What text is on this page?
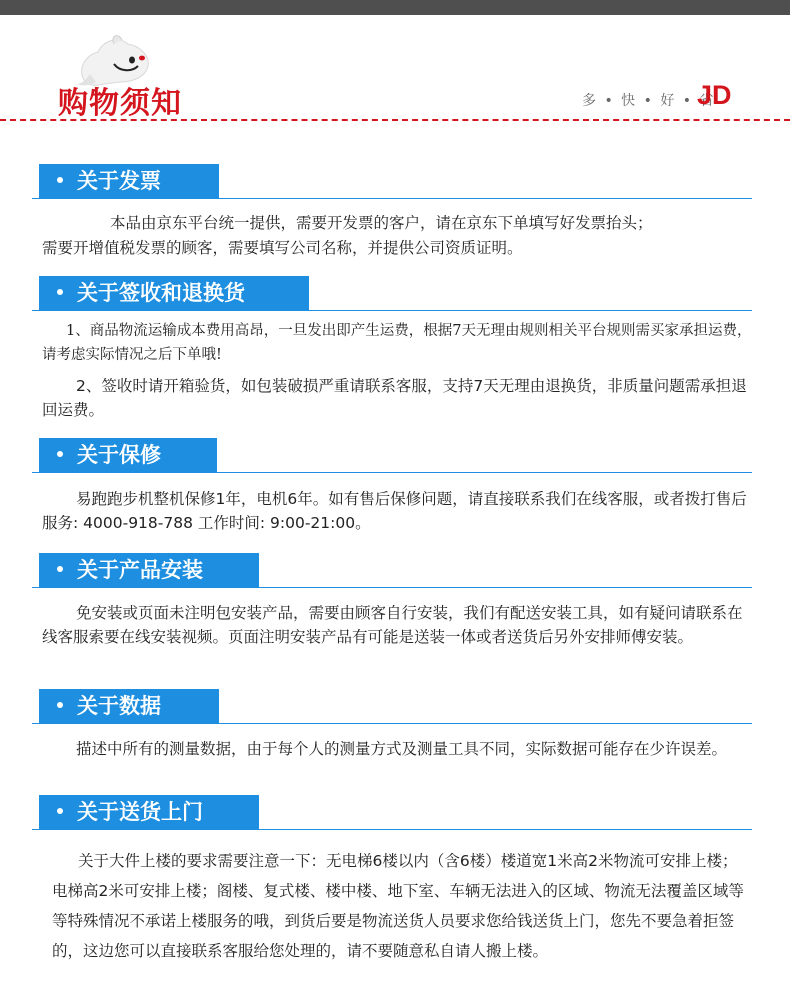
购物须知	多 • 快 • 好 • 省
JD
关于发票

本品由京东平台统一提供，需要开发票的客户，请在京东下单填写好发票抬头；

需要开增值税发票的顾客，需要填写公司名称，并提供公司资质证明。

关于签收和退换货

1、商品物流运输成本费用高昂，一旦发出即产生运费，根据7天无理由规则相关平台规则需买家承担运费，请考虑实际情况之后下单哦!

2、签收时请开箱验货，如包装破损严重请联系客服，支持7天无理由退换货，非质量问题需承担退回运费。

关于保修

易跑跑步机整机保修1年，电机6年。如有售后保修问题，请直接联系我们在线客服，或者拨打售后服务: 4000-918-788 工作时间: 9:00-21:00。

关于产品安装

免安装或页面未注明包安装产品，需要由顾客自行安装，我们有配送安装工具，如有疑问请联系在线客服索要在线安装视频。页面注明安装产品有可能是送装一体或者送货后另外安排师傅安装。

关于数据

描述中所有的测量数据，由于每个人的测量方式及测量工具不同，实际数据可能存在少许误差。

关于送货上门

关于大件上楼的要求需要注意一下：无电梯6楼以内（含6楼）楼道宽1米高2米物流可安排上楼；电梯高2米可安排上楼；阁楼、复式楼、楼中楼、地下室、车辆无法进入的区域、物流无法覆盖区域等等特殊情况不承诺上楼服务的哦，到货后要是物流送货人员要求您给钱送货上门，您先不要急着拒签的，这边您可以直接联系客服给您处理的，请不要随意私自请人搬上楼。
